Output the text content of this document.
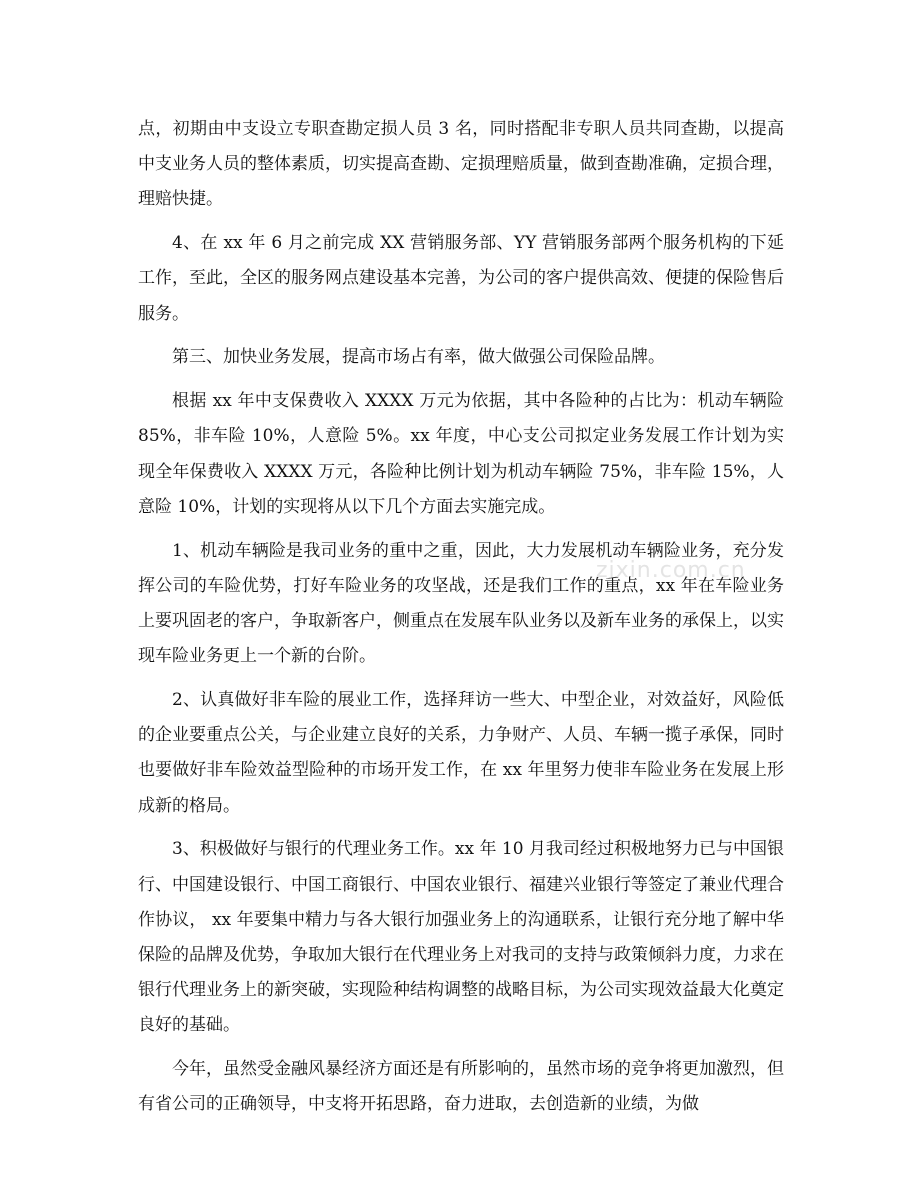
点，初期由中支设立专职查勘定损人员 3 名，同时搭配非专职人员共同查勘，以提高中支业务人员的整体素质，切实提高查勘、定损理赔质量，做到查勘准确，定损合理，理赔快捷。

4、在 xx 年 6 月之前完成 XX 营销服务部、YY 营销服务部两个服务机构的下延工作，至此，全区的服务网点建设基本完善，为公司的客户提供高效、便捷的保险售后服务。

第三、加快业务发展，提高市场占有率，做大做强公司保险品牌。

根据 xx 年中支保费收入 XXXX 万元为依据，其中各险种的占比为：机动车辆险 85%，非车险 10%，人意险 5%。xx 年度，中心支公司拟定业务发展工作计划为实现全年保费收入 XXXX 万元，各险种比例计划为机动车辆险 75%，非车险 15%，人意险 10%，计划的实现将从以下几个方面去实施完成。

1、机动车辆险是我司业务的重中之重，因此，大力发展机动车辆险业务，充分发挥公司的车险优势，打好车险业务的攻坚战，还是我们工作的重点，xx 年在车险业务上要巩固老的客户，争取新客户，侧重点在发展车队业务以及新车业务的承保上，以实现车险业务更上一个新的台阶。

2、认真做好非车险的展业工作，选择拜访一些大、中型企业，对效益好，风险低的企业要重点公关，与企业建立良好的关系，力争财产、人员、车辆一揽子承保，同时也要做好非车险效益型险种的市场开发工作，在 xx 年里努力使非车险业务在发展上形成新的格局。

3、积极做好与银行的代理业务工作。xx 年 10 月我司经过积极地努力已与中国银行、中国建设银行、中国工商银行、中国农业银行、福建兴业银行等签定了兼业代理合作协议， xx 年要集中精力与各大银行加强业务上的沟通联系，让银行充分地了解中华保险的品牌及优势，争取加大银行在代理业务上对我司的支持与政策倾斜力度，力求在银行代理业务上的新突破，实现险种结构调整的战略目标，为公司实现效益最大化奠定良好的基础。

今年，虽然受金融风暴经济方面还是有所影响的，虽然市场的竞争将更加激烈，但有省公司的正确领导，中支将开拓思路，奋力进取，去创造新的业绩，为做

zixin.com.cn
